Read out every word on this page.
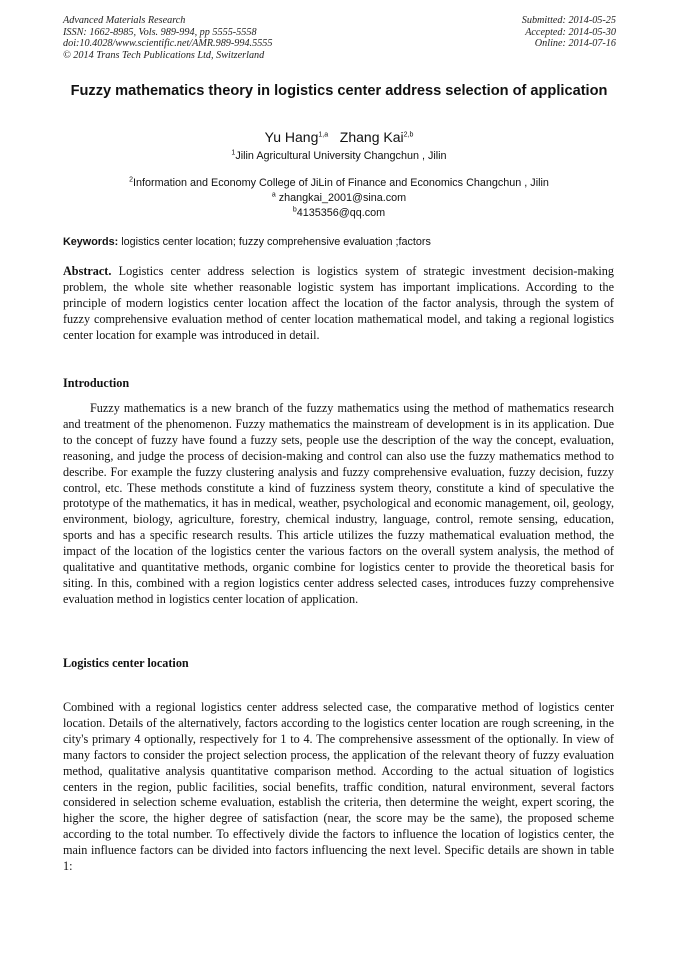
Advanced Materials Research
ISSN: 1662-8985, Vols. 989-994, pp 5555-5558
doi:10.4028/www.scientific.net/AMR.989-994.5555
© 2014 Trans Tech Publications Ltd, Switzerland
Submitted: 2014-05-25
Accepted: 2014-05-30
Online: 2014-07-16
Fuzzy mathematics theory in logistics center address selection of application
Yu Hang$^{1,a}$ Zhang Kai$^{2,b}$
$^1$Jilin Agricultural University Changchun , Jilin
$^2$Information and Economy College of JiLin of Finance and Economics Changchun , Jilin
$^a$ zhangkai_2001@sina.com
$^b$4135356@qq.com
Keywords: logistics center location; fuzzy comprehensive evaluation ;factors

Abstract. Logistics center address selection is logistics system of strategic investment decision-making problem, the whole site whether reasonable logistic system has important implications. According to the principle of modern logistics center location affect the location of the factor analysis, through the system of fuzzy comprehensive evaluation method of center location mathematical model, and taking a regional logistics center location for example was introduced in detail.

Introduction

Fuzzy mathematics is a new branch of the fuzzy mathematics using the method of mathematics research and treatment of the phenomenon. Fuzzy mathematics the mainstream of development is in its application. Due to the concept of fuzzy have found a fuzzy sets, people use the description of the way the concept, evaluation, reasoning, and judge the process of decision-making and control can also use the fuzzy mathematics method to describe. For example the fuzzy clustering analysis and fuzzy comprehensive evaluation, fuzzy decision, fuzzy control, etc. These methods constitute a kind of fuzziness system theory, constitute a kind of speculative the prototype of the mathematics, it has in medical, weather, psychological and economic management, oil, geology, environment, biology, agriculture, forestry, chemical industry, language, control, remote sensing, education, sports and has a specific research results. This article utilizes the fuzzy mathematical evaluation method, the impact of the location of the logistics center the various factors on the overall system analysis, the method of qualitative and quantitative methods, organic combine for logistics center to provide the theoretical basis for siting. In this, combined with a region logistics center address selected cases, introduces fuzzy comprehensive evaluation method in logistics center location of application.

Logistics center location

Combined with a regional logistics center address selected case, the comparative method of logistics center location. Details of the alternatively, factors according to the logistics center location are rough screening, in the city's primary 4 optionally, respectively for 1 to 4. The comprehensive assessment of the optionally. In view of many factors to consider the project selection process, the application of the relevant theory of fuzzy evaluation method, qualitative analysis quantitative comparison method. According to the actual situation of logistics centers in the region, public facilities, social benefits, traffic condition, natural environment, several factors considered in selection scheme evaluation, establish the criteria, then determine the weight, expert scoring, the higher the score, the higher degree of satisfaction (near, the score may be the same), the proposed scheme according to the total number. To effectively divide the factors to influence the location of logistics center, the main influence factors can be divided into factors influencing the next level. Specific details are shown in table 1:
